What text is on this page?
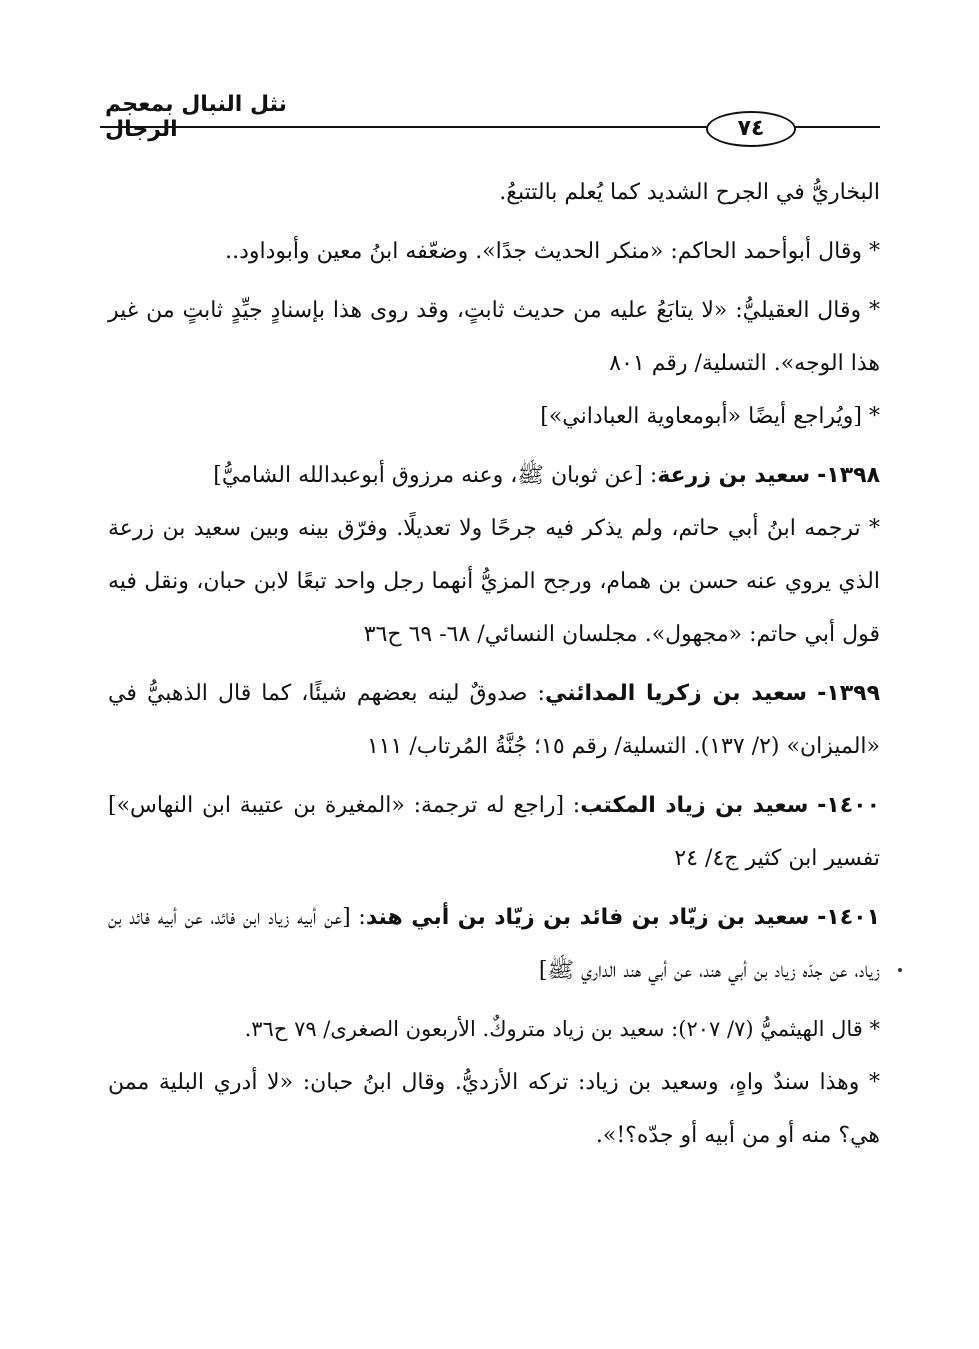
نثل النبال بمعجم الرجال	٧٤

البخاريُّ في الجرح الشديد كما يُعلم بالتتبعُ.

* وقال أبوأحمد الحاكم: «منكر الحديث جدًا». وضعّفه ابنُ معين وأبوداود..

* وقال العقيليُّ: «لا يتابَعُ عليه من حديث ثابتٍ، وقد روى هذا بإسنادٍ جيِّدٍ ثابتٍ من غير هذا الوجه». التسلية/ رقم ٨٠١

* [ويُراجع أيضًا «أبومعاوية العباداني»]

١٣٩٨- سعيد بن زرعة: [عن ثوبان ﷺ، وعنه مرزوق أبوعبدالله الشاميُّ]

* ترجمه ابنُ أبي حاتم، ولم يذكر فيه جرحًا ولا تعديلًا. وفرّق بينه وبين سعيد بن زرعة الذي يروي عنه حسن بن همام، ورجح المزيُّ أنهما رجل واحد تبعًا لابن حبان، ونقل فيه قول أبي حاتم: «مجهول». مجلسان النسائي/ ٦٨- ٦٩ ح٣٦

١٣٩٩- سعيد بن زكريا المدائني: صدوقٌ لينه بعضهم شيئًا، كما قال الذهبيُّ في «الميزان» (٢/ ١٣٧). التسلية/ رقم ١٥؛ جُنَّةُ المُرتاب/ ١١١

١٤٠٠- سعيد بن زياد المكتب: [راجع له ترجمة: «المغيرة بن عتيبة ابن النهاس»] تفسير ابن كثير ج٤/ ٢٤

١٤٠١- سعيد بن زيّاد بن فائد بن زيّاد بن أبي هند: [عن أبيه زياد ابن فائد، عن أبيه فائد بن زياد، عن جدّه زياد بن أبي هند، عن أبي هند الداري ﷺ]

* قال الهيثميُّ (٧/ ٢٠٧): سعيد بن زياد متروكٌ. الأربعون الصغرى/ ٧٩ ح٣٦.

* وهذا سندٌ واهٍ، وسعيد بن زياد: تركه الأزديُّ. وقال ابنُ حبان: «لا أدري البلية ممن هي؟ منه أو من أبيه أو جدّه؟!».
